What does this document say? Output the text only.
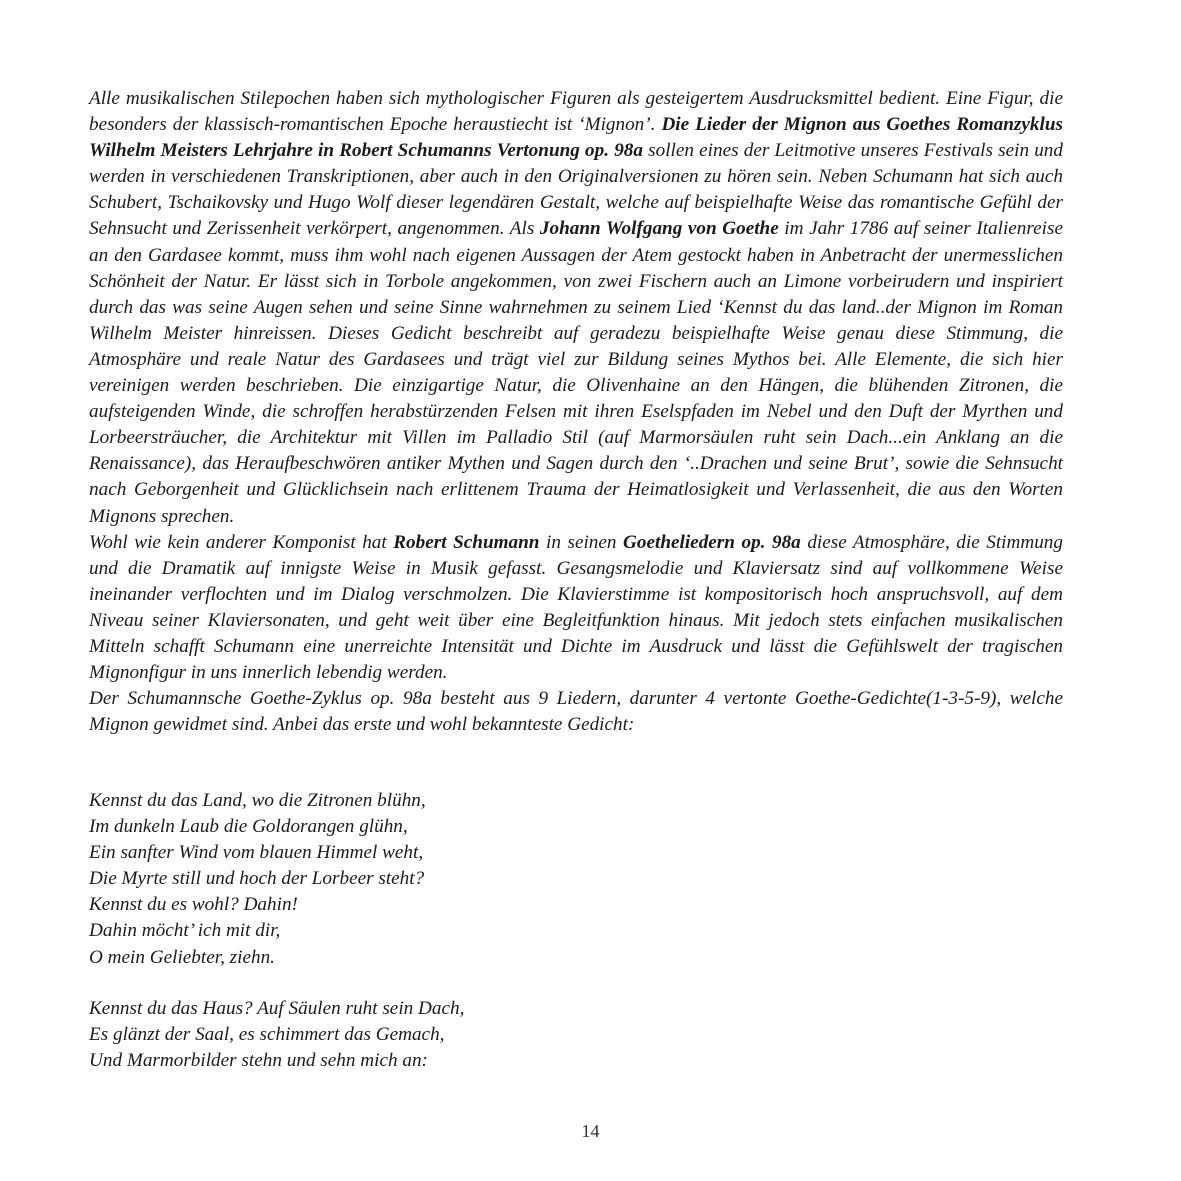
Alle musikalischen Stilepochen haben sich mythologischer Figuren als gesteigertem Ausdrucksmittel bedient. Eine Figur, die besonders der klassisch-romantischen Epoche heraustiecht ist ‘Mignon’. Die Lieder der Mignon aus Goethes Romanzyklus Wilhelm Meisters Lehrjahre in Robert Schumanns Vertonung op. 98a sollen eines der Leitmotive unseres Festivals sein und werden in verschiedenen Transkriptionen, aber auch in den Originalversionen zu hören sein. Neben Schumann hat sich auch Schubert, Tschaikovsky und Hugo Wolf dieser legendären Gestalt, welche auf beispielhafte Weise das romantische Gefühl der Sehnsucht und Zerissenheit verkörpert, angenommen. Als Johann Wolfgang von Goethe im Jahr 1786 auf seiner Italienreise an den Gardasee kommt, muss ihm wohl nach eigenen Aussagen der Atem gestockt haben in Anbetracht der unermesslichen Schönheit der Natur. Er lässt sich in Torbole angekommen, von zwei Fischern auch an Limone vorbeirudern und inspiriert durch das was seine Augen sehen und seine Sinne wahrnehmen zu seinem Lied ‘Kennst du das land..der Mignon im Roman Wilhelm Meister hinreissen. Dieses Gedicht beschreibt auf geradezu beispielhafte Weise genau diese Stimmung, die Atmosphäre und reale Natur des Gardasees und trägt viel zur Bildung seines Mythos bei. Alle Elemente, die sich hier vereinigen werden beschrieben. Die einzigartige Natur, die Olivenhaine an den Hängen, die blühenden Zitronen, die aufsteigenden Winde, die schroffen herabstürzenden Felsen mit ihren Eselspfaden im Nebel und den Duft der Myrthen und Lorbeersträucher, die Architektur mit Villen im Palladio Stil (auf Marmorsäulen ruht sein Dach...ein Anklang an die Renaissance), das Heraufbeschwören antiker Mythen und Sagen durch den ‘..Drachen und seine Brut’, sowie die Sehnsucht nach Geborgenheit und Glücklichsein nach erlittenem Trauma der Heimatlosigkeit und Verlassenheit, die aus den Worten Mignons sprechen.

Wohl wie kein anderer Komponist hat Robert Schumann in seinen Goetheliedern op. 98a diese Atmosphäre, die Stimmung und die Dramatik auf innigste Weise in Musik gefasst. Gesangsmelodie und Klaviersatz sind auf vollkommene Weise ineinander verflochten und im Dialog verschmolzen. Die Klavierstimme ist kompositorisch hoch anspruchsvoll, auf dem Niveau seiner Klaviersonaten, und geht weit über eine Begleitfunktion hinaus. Mit jedoch stets einfachen musikalischen Mitteln schafft Schumann eine unerreichte Intensität und Dichte im Ausdruck und lässt die Gefühlswelt der tragischen Mignonfigur in uns innerlich lebendig werden.

Der Schumannsche Goethe-Zyklus op. 98a besteht aus 9 Liedern, darunter 4 vertonte Goethe-Gedichte(1-3-5-9), welche Mignon gewidmet sind. Anbei das erste und wohl bekannteste Gedicht:

Kennst du das Land, wo die Zitronen blühn,
Im dunkeln Laub die Goldorangen glühn,
Ein sanfter Wind vom blauen Himmel weht,
Die Myrte still und hoch der Lorbeer steht?
Kennst du es wohl? Dahin!
Dahin möcht’ ich mit dir,
O mein Geliebter, ziehn.
Kennst du das Haus? Auf Säulen ruht sein Dach,
Es glänzt der Saal, es schimmert das Gemach,
Und Marmorbilder stehn und sehn mich an:
14
